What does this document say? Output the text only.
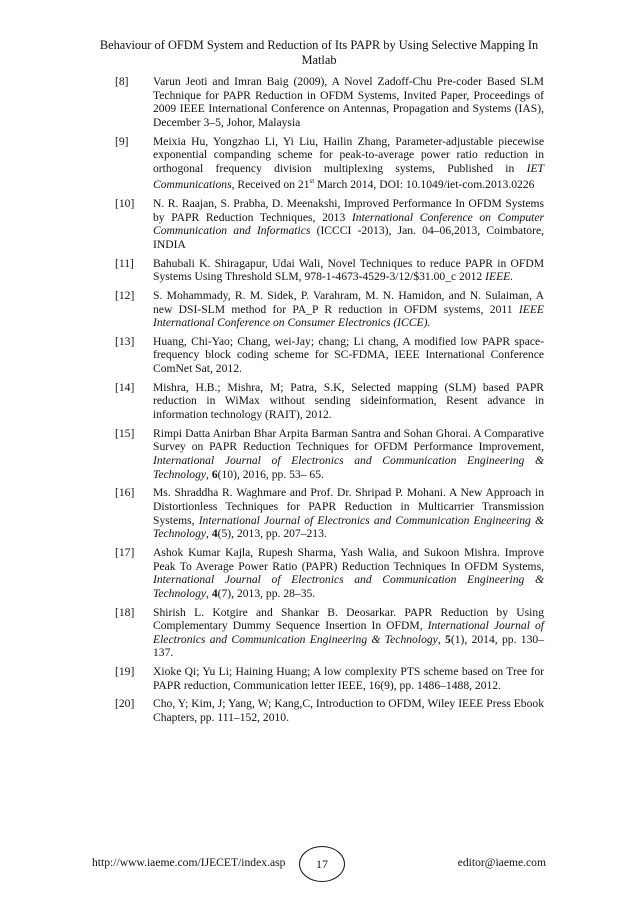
Behaviour of OFDM System and Reduction of Its PAPR by Using Selective Mapping In
Matlab
[8]	Varun Jeoti and Imran Baig (2009), A Novel Zadoff-Chu Pre-coder Based SLM Technique for PAPR Reduction in OFDM Systems, Invited Paper, Proceedings of 2009 IEEE International Conference on Antennas, Propagation and Systems (IAS), December 3–5, Johor, Malaysia
[9]	Meixia Hu, Yongzhao Li, Yi Liu, Hailin Zhang, Parameter-adjustable piecewise exponential companding scheme for peak-to-average power ratio reduction in orthogonal frequency division multiplexing systems, Published in IET Communications, Received on 21st March 2014, DOI: 10.1049/iet-com.2013.0226
[10]	N. R. Raajan, S. Prabha, D. Meenakshi, Improved Performance In OFDM Systems by PAPR Reduction Techniques, 2013 International Conference on Computer Communication and Informatics (ICCCI -2013), Jan. 04–06,2013, Coimbatore, INDIA
[11]	Bahubali K. Shiragapur, Udai Wali, Novel Techniques to reduce PAPR in OFDM Systems Using Threshold SLM, 978-1-4673-4529-3/12/$31.00_c 2012 IEEE.
[12]	S. Mohammady, R. M. Sidek, P. Varahram, M. N. Hamidon, and N. Sulaiman, A new DSI-SLM method for PA_P R reduction in OFDM systems, 2011 IEEE International Conference on Consumer Electronics (ICCE).
[13]	Huang, Chi-Yao; Chang, wei-Jay; chang; Li chang, A modified low PAPR space-frequency block coding scheme for SC-FDMA, IEEE International Conference ComNet Sat, 2012.
[14]	Mishra, H.B.; Mishra, M; Patra, S.K, Selected mapping (SLM) based PAPR reduction in WiMax without sending sideinformation, Resent advance in information technology (RAIT), 2012.
[15]	Rimpi Datta Anirban Bhar Arpita Barman Santra and Sohan Ghorai. A Comparative Survey on PAPR Reduction Techniques for OFDM Performance Improvement, International Journal of Electronics and Communication Engineering & Technology, 6(10), 2016, pp. 53– 65.
[16]	Ms. Shraddha R. Waghmare and Prof. Dr. Shripad P. Mohani. A New Approach in Distortionless Techniques for PAPR Reduction in Multicarrier Transmission Systems, International Journal of Electronics and Communication Engineering & Technology, 4(5), 2013, pp. 207–213.
[17]	Ashok Kumar Kajla, Rupesh Sharma, Yash Walia, and Sukoon Mishra. Improve Peak To Average Power Ratio (PAPR) Reduction Techniques In OFDM Systems, International Journal of Electronics and Communication Engineering & Technology, 4(7), 2013, pp. 28–35.
[18]	Shirish L. Kotgire and Shankar B. Deosarkar. PAPR Reduction by Using Complementary Dummy Sequence Insertion In OFDM, International Journal of Electronics and Communication Engineering & Technology, 5(1), 2014, pp. 130–137.
[19]	Xioke Qi; Yu Li; Haining Huang; A low complexity PTS scheme based on Tree for PAPR reduction, Communication letter IEEE, 16(9), pp. 1486–1488, 2012.
[20]	Cho, Y; Kim, J; Yang, W; Kang,C, Introduction to OFDM, Wiley IEEE Press Ebook Chapters, pp. 111–152, 2010.
http://www.iaeme.com/IJECET/index.asp	17	editor@iaeme.com
